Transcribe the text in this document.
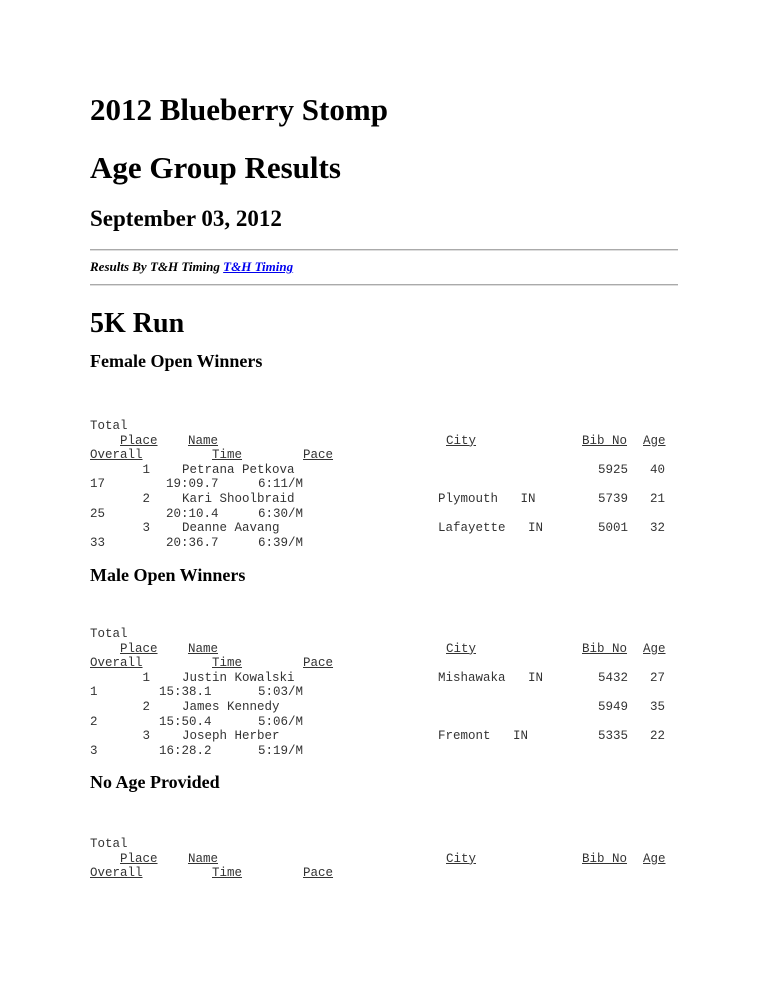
2012 Blueberry Stomp
Age Group Results
September 03, 2012
Results By T&H Timing T&H Timing
5K Run
Female Open Winners
Total
Place Name	City	Bib No Age
Overall	Time	Pace
1	Petrana Petkova	5925 40
17	19:09.7	6:11/M
2	Kari Shoolbraid	Plymouth   IN	5739 21
25	20:10.4	6:30/M
3	Deanne Aavang	Lafayette   IN	5001 32
33	20:36.7	6:39/M
Male Open Winners
Total
Place Name	City	Bib No Age
Overall	Time	Pace
1	Justin Kowalski	Mishawaka   IN	5432 27
1	15:38.1	5:03/M
2	James Kennedy	5949 35
2	15:50.4	5:06/M
3	Joseph Herber	Fremont   IN	5335 22
3	16:28.2	5:19/M
No Age Provided
Total
Place Name	City	Bib No Age
Overall	Time	Pace
